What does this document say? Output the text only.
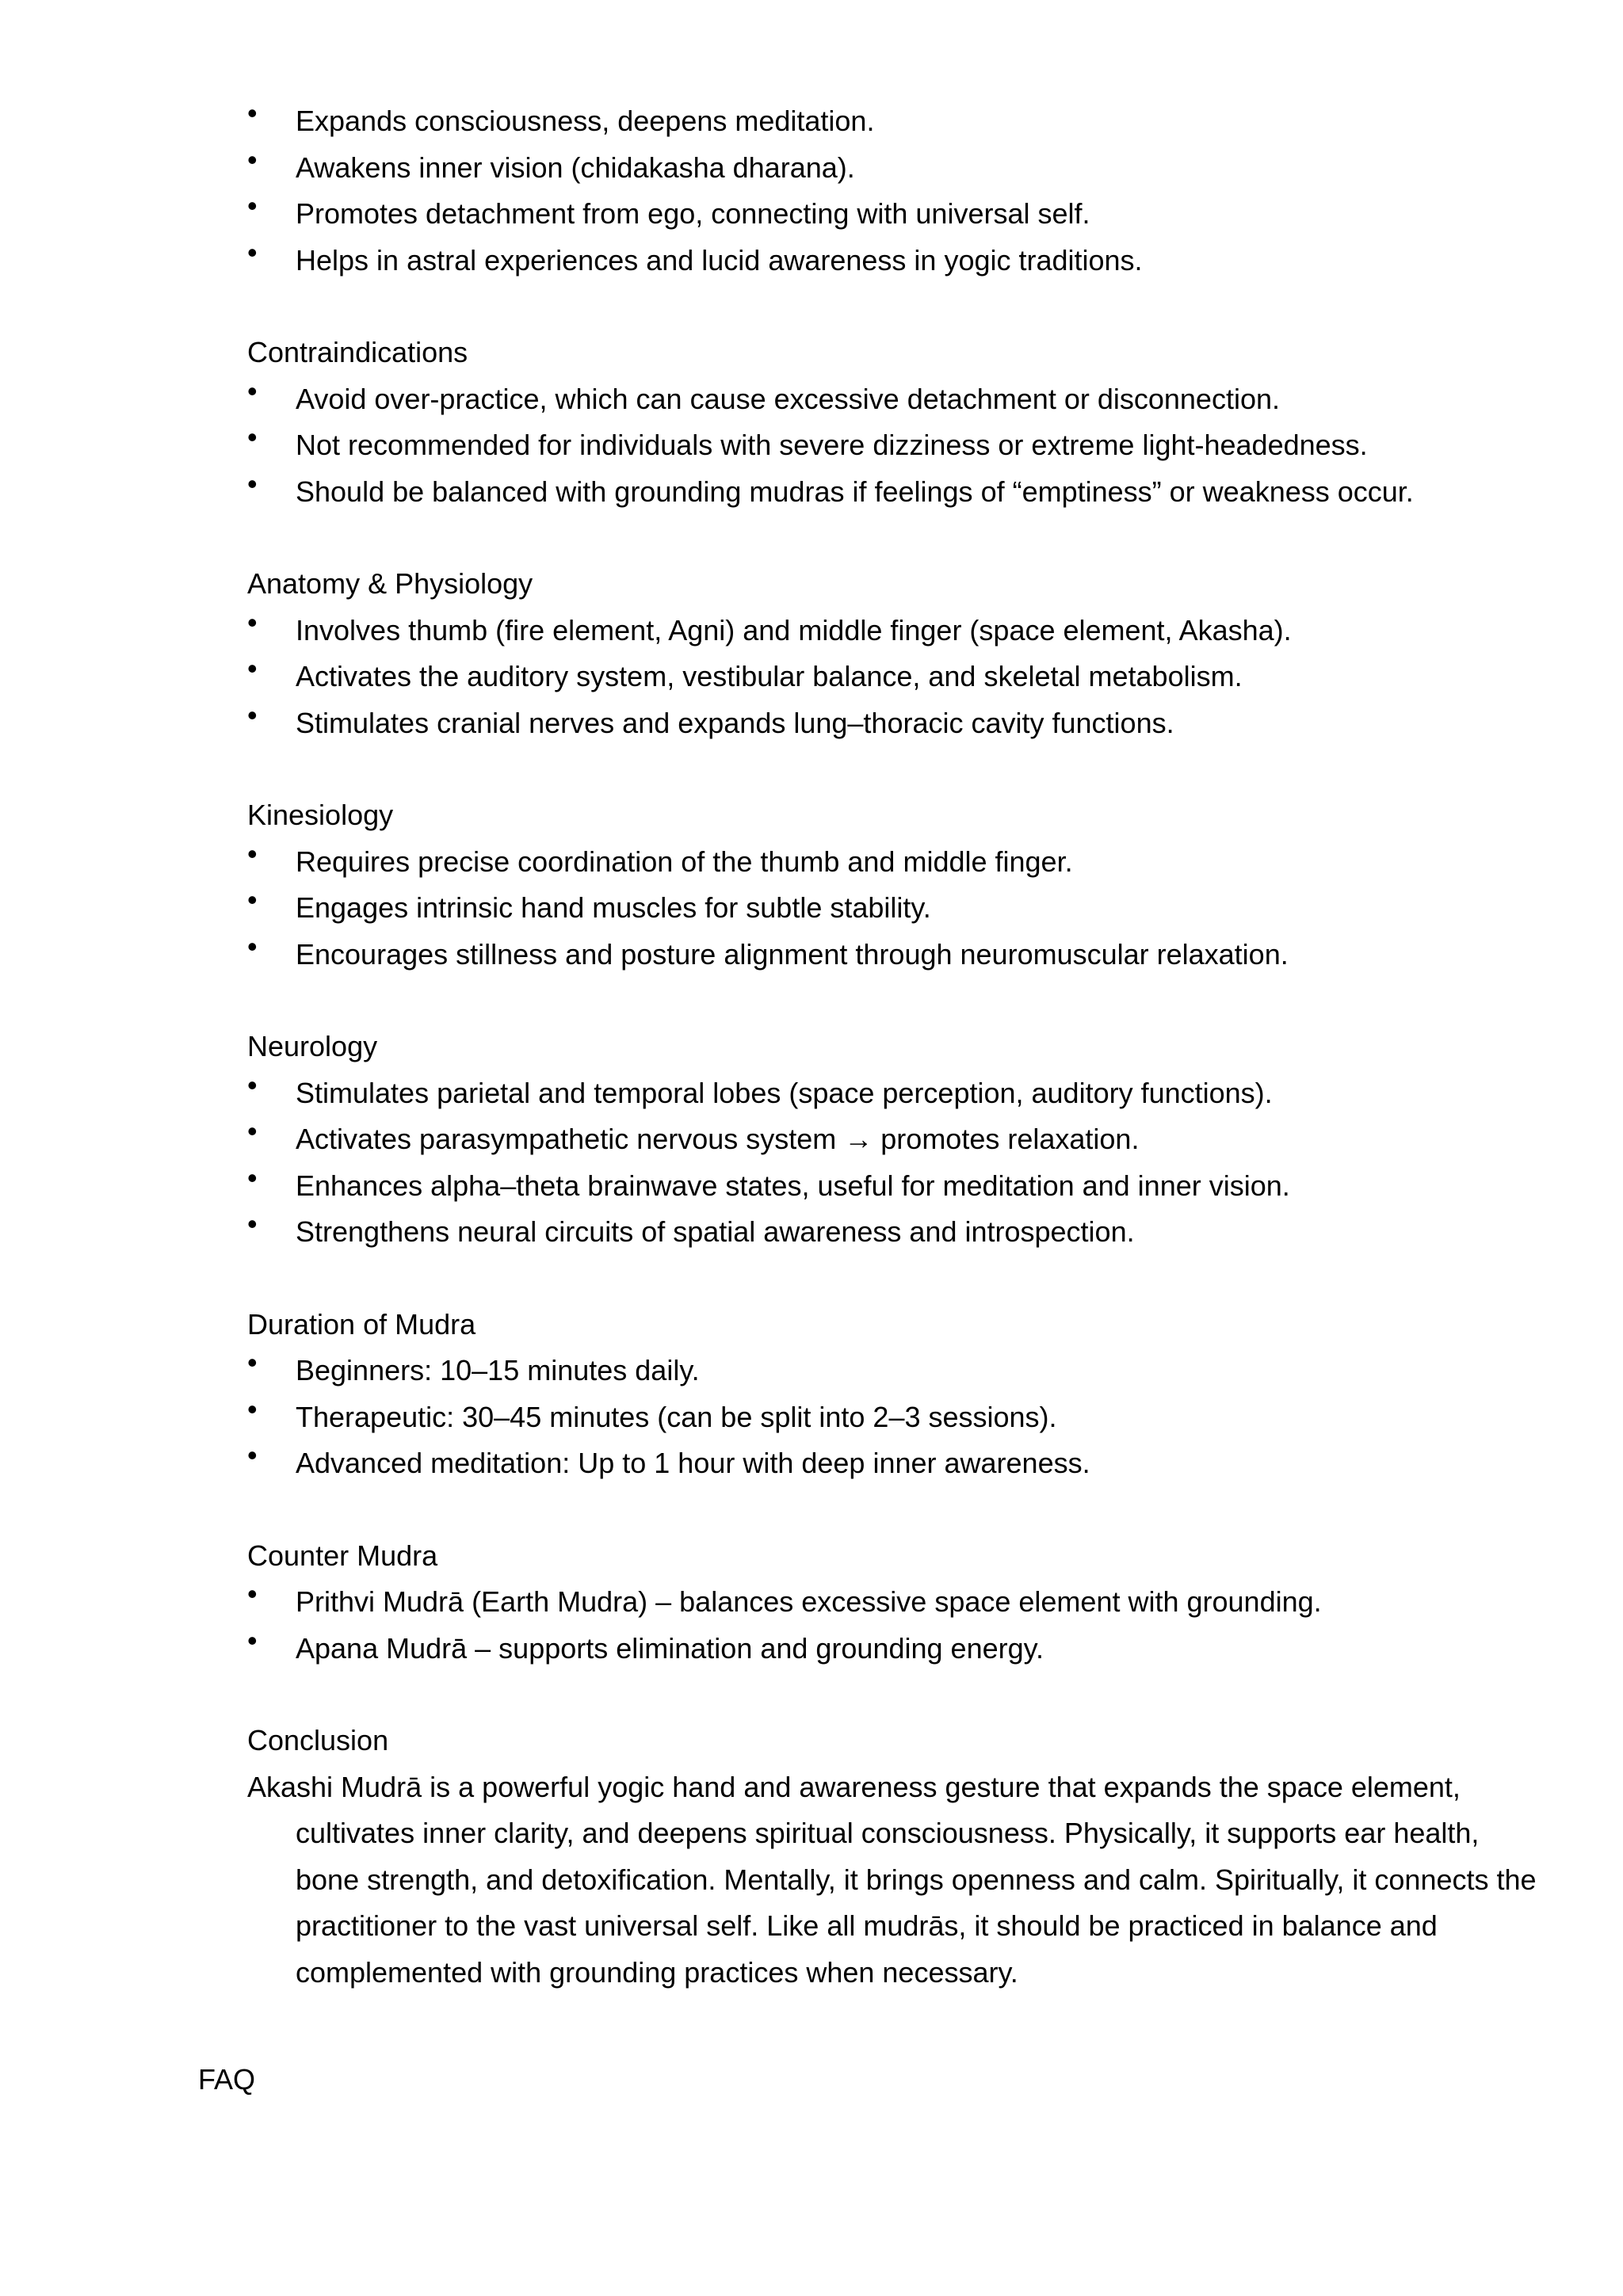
• Expands consciousness, deepens meditation.
• Awakens inner vision (chidakasha dharana).
• Promotes detachment from ego, connecting with universal self.
• Helps in astral experiences and lucid awareness in yogic traditions.
Contraindications
• Avoid over-practice, which can cause excessive detachment or disconnection.
• Not recommended for individuals with severe dizziness or extreme light-headedness.
• Should be balanced with grounding mudras if feelings of “emptiness” or weakness occur.
Anatomy & Physiology
• Involves thumb (fire element, Agni) and middle finger (space element, Akasha).
• Activates the auditory system, vestibular balance, and skeletal metabolism.
• Stimulates cranial nerves and expands lung–thoracic cavity functions.
Kinesiology
• Requires precise coordination of the thumb and middle finger.
• Engages intrinsic hand muscles for subtle stability.
• Encourages stillness and posture alignment through neuromuscular relaxation.
Neurology
• Stimulates parietal and temporal lobes (space perception, auditory functions).
• Activates parasympathetic nervous system → promotes relaxation.
• Enhances alpha–theta brainwave states, useful for meditation and inner vision.
• Strengthens neural circuits of spatial awareness and introspection.
Duration of Mudra
• Beginners: 10–15 minutes daily.
• Therapeutic: 30–45 minutes (can be split into 2–3 sessions).
• Advanced meditation: Up to 1 hour with deep inner awareness.
Counter Mudra
• Prithvi Mudrā (Earth Mudra) – balances excessive space element with grounding.
• Apana Mudrā – supports elimination and grounding energy.
Conclusion
Akashi Mudrā is a powerful yogic hand and awareness gesture that expands the space element, cultivates inner clarity, and deepens spiritual consciousness. Physically, it supports ear health, bone strength, and detoxification. Mentally, it brings openness and calm. Spiritually, it connects the practitioner to the vast universal self. Like all mudrās, it should be practiced in balance and complemented with grounding practices when necessary.
FAQ
